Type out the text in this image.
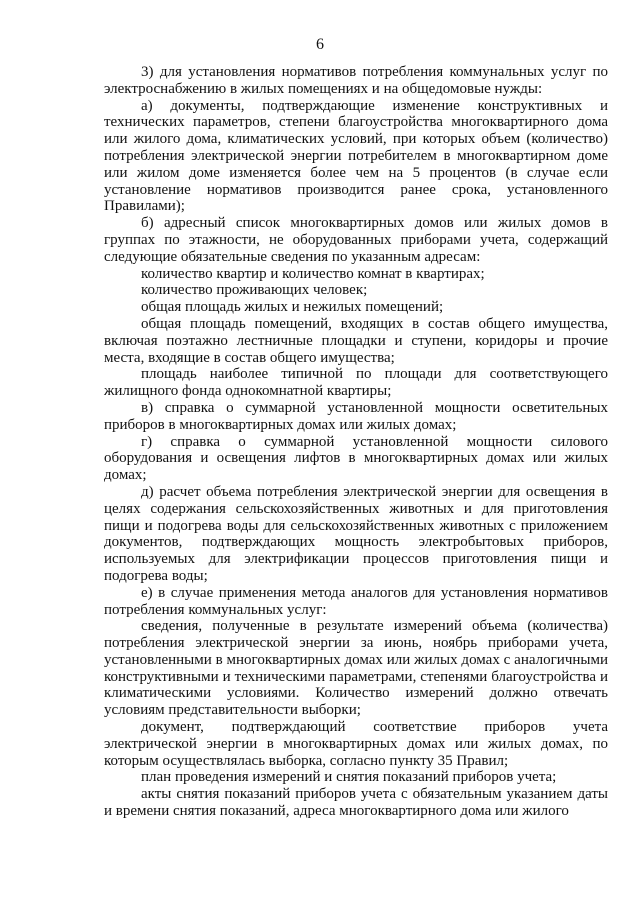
6

3) для установления нормативов потребления коммунальных услуг по электроснабжению в жилых помещениях и на общедомовые нужды:

а) документы, подтверждающие изменение конструктивных и технических параметров, степени благоустройства многоквартирного дома или жилого дома, климатических условий, при которых объем (количество) потребления электрической энергии потребителем в многоквартирном доме или жилом доме изменяется более чем на 5 процентов (в случае если установление нормативов производится ранее срока, установленного Правилами);

б) адресный список многоквартирных домов или жилых домов в группах по этажности, не оборудованных приборами учета, содержащий следующие обязательные сведения по указанным адресам:

количество квартир и количество комнат в квартирах;

количество проживающих человек;

общая площадь жилых и нежилых помещений;

общая площадь помещений, входящих в состав общего имущества, включая поэтажно лестничные площадки и ступени, коридоры и прочие места, входящие в состав общего имущества;

площадь наиболее типичной по площади для соответствующего жилищного фонда однокомнатной квартиры;

в) справка о суммарной установленной мощности осветительных приборов в многоквартирных домах или жилых домах;

г) справка о суммарной установленной мощности силового оборудования и освещения лифтов в многоквартирных домах или жилых домах;

д) расчет объема потребления электрической энергии для освещения в целях содержания сельскохозяйственных животных и для приготовления пищи и подогрева воды для сельскохозяйственных животных с приложением документов, подтверждающих мощность электробытовых приборов, используемых для электрификации процессов приготовления пищи и подогрева воды;

е) в случае применения метода аналогов для установления нормативов потребления коммунальных услуг:

сведения, полученные в результате измерений объема (количества) потребления электрической энергии за июнь, ноябрь приборами учета, установленными в многоквартирных домах или жилых домах с аналогичными конструктивными и техническими параметрами, степенями благоустройства и климатическими условиями. Количество измерений должно отвечать условиям представительности выборки;

документ, подтверждающий соответствие приборов учета электрической энергии в многоквартирных домах или жилых домах, по которым осуществлялась выборка, согласно пункту 35 Правил;

план проведения измерений и снятия показаний приборов учета;

акты снятия показаний приборов учета с обязательным указанием даты и времени снятия показаний, адреса многоквартирного дома или жилого
